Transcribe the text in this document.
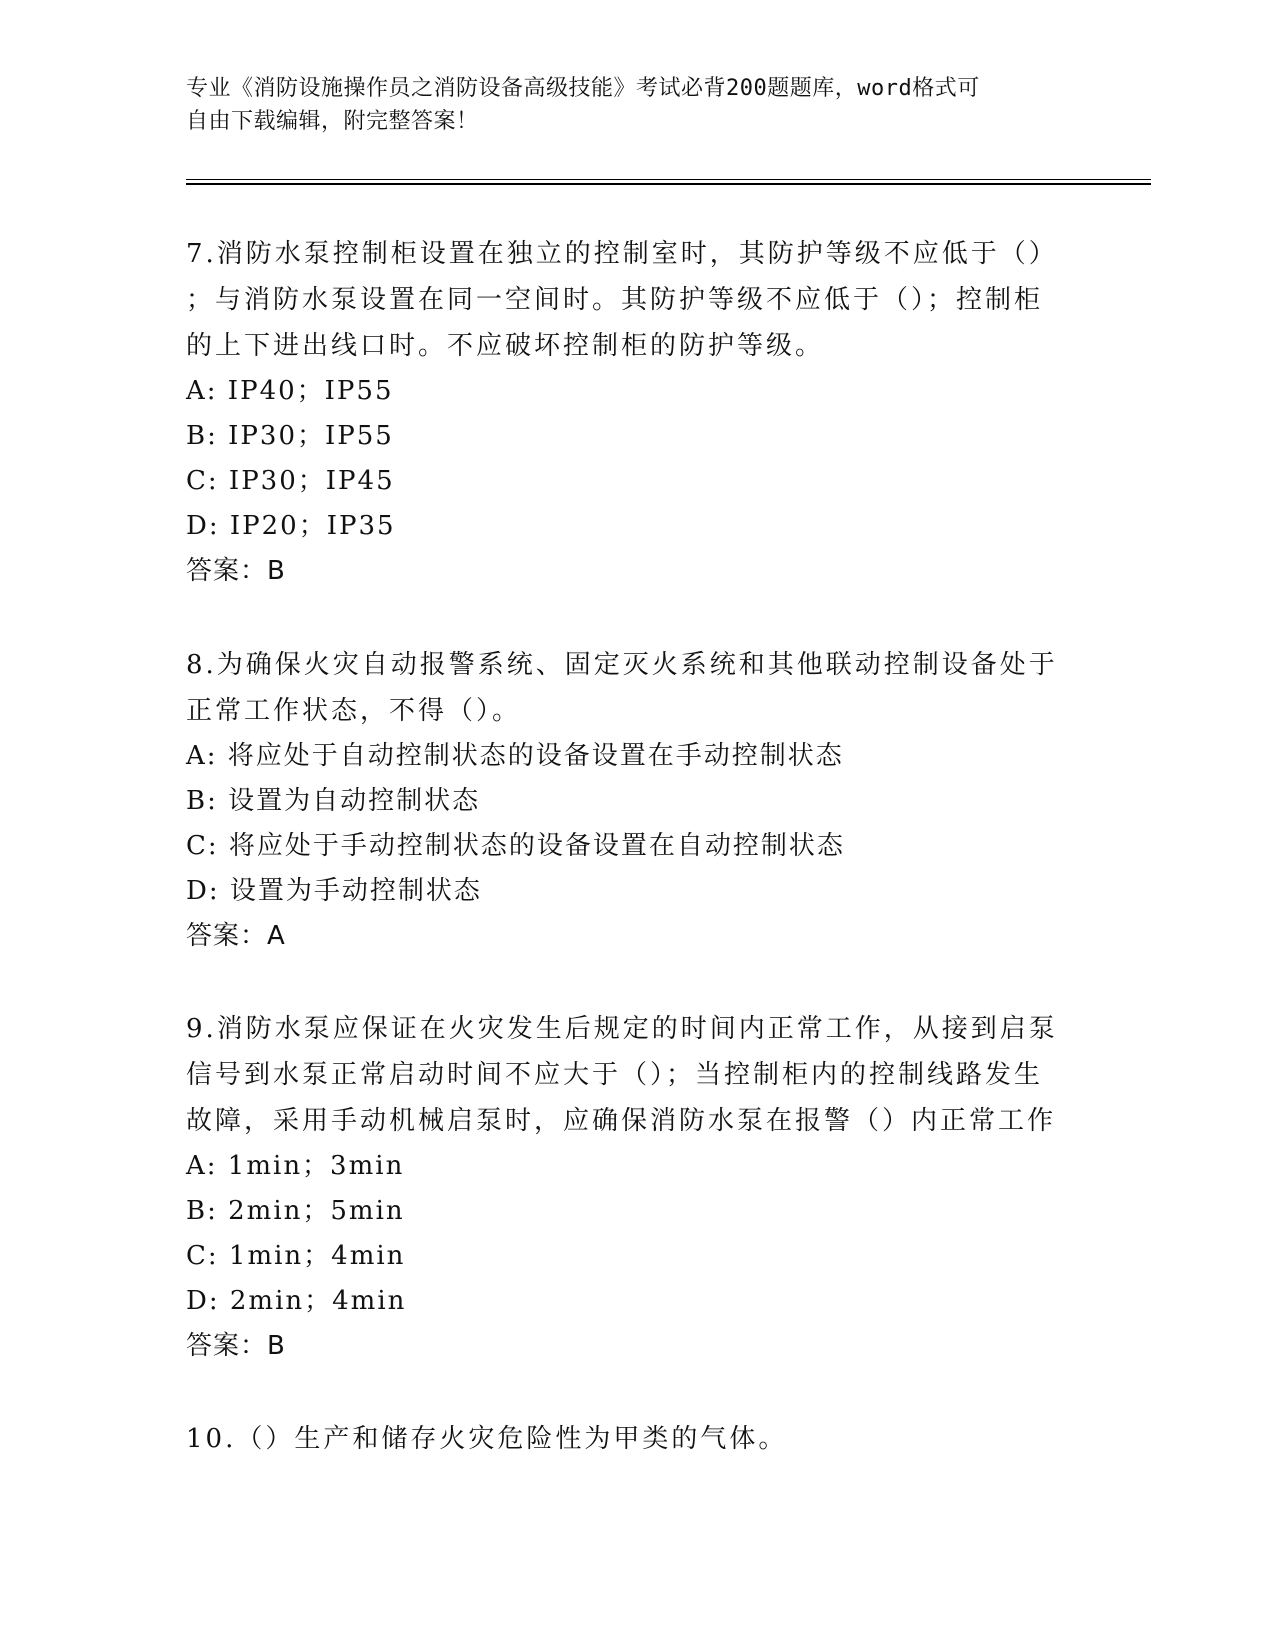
专业《消防设施操作员之消防设备高级技能》考试必背200题题库，word格式可
自由下载编辑，附完整答案！

7.消防水泵控制柜设置在独立的控制室时，其防护等级不应低于（）
；与消防水泵设置在同一空间时。其防护等级不应低于（）；控制柜
的上下进出线口时。不应破坏控制柜的防护等级。

A: IP40；IP55

B: IP30；IP55

C: IP30；IP45

D: IP20；IP35

答案：B

8.为确保火灾自动报警系统、固定灭火系统和其他联动控制设备处于
正常工作状态，不得（）。

A: 将应处于自动控制状态的设备设置在手动控制状态

B: 设置为自动控制状态

C: 将应处于手动控制状态的设备设置在自动控制状态

D: 设置为手动控制状态

答案：A

9.消防水泵应保证在火灾发生后规定的时间内正常工作，从接到启泵
信号到水泵正常启动时间不应大于（）；当控制柜内的控制线路发生
故障，采用手动机械启泵时，应确保消防水泵在报警（）内正常工作

A: 1min；3min

B: 2min；5min

C: 1min；4min

D: 2min；4min

答案：B

10.（）生产和储存火灾危险性为甲类的气体。
